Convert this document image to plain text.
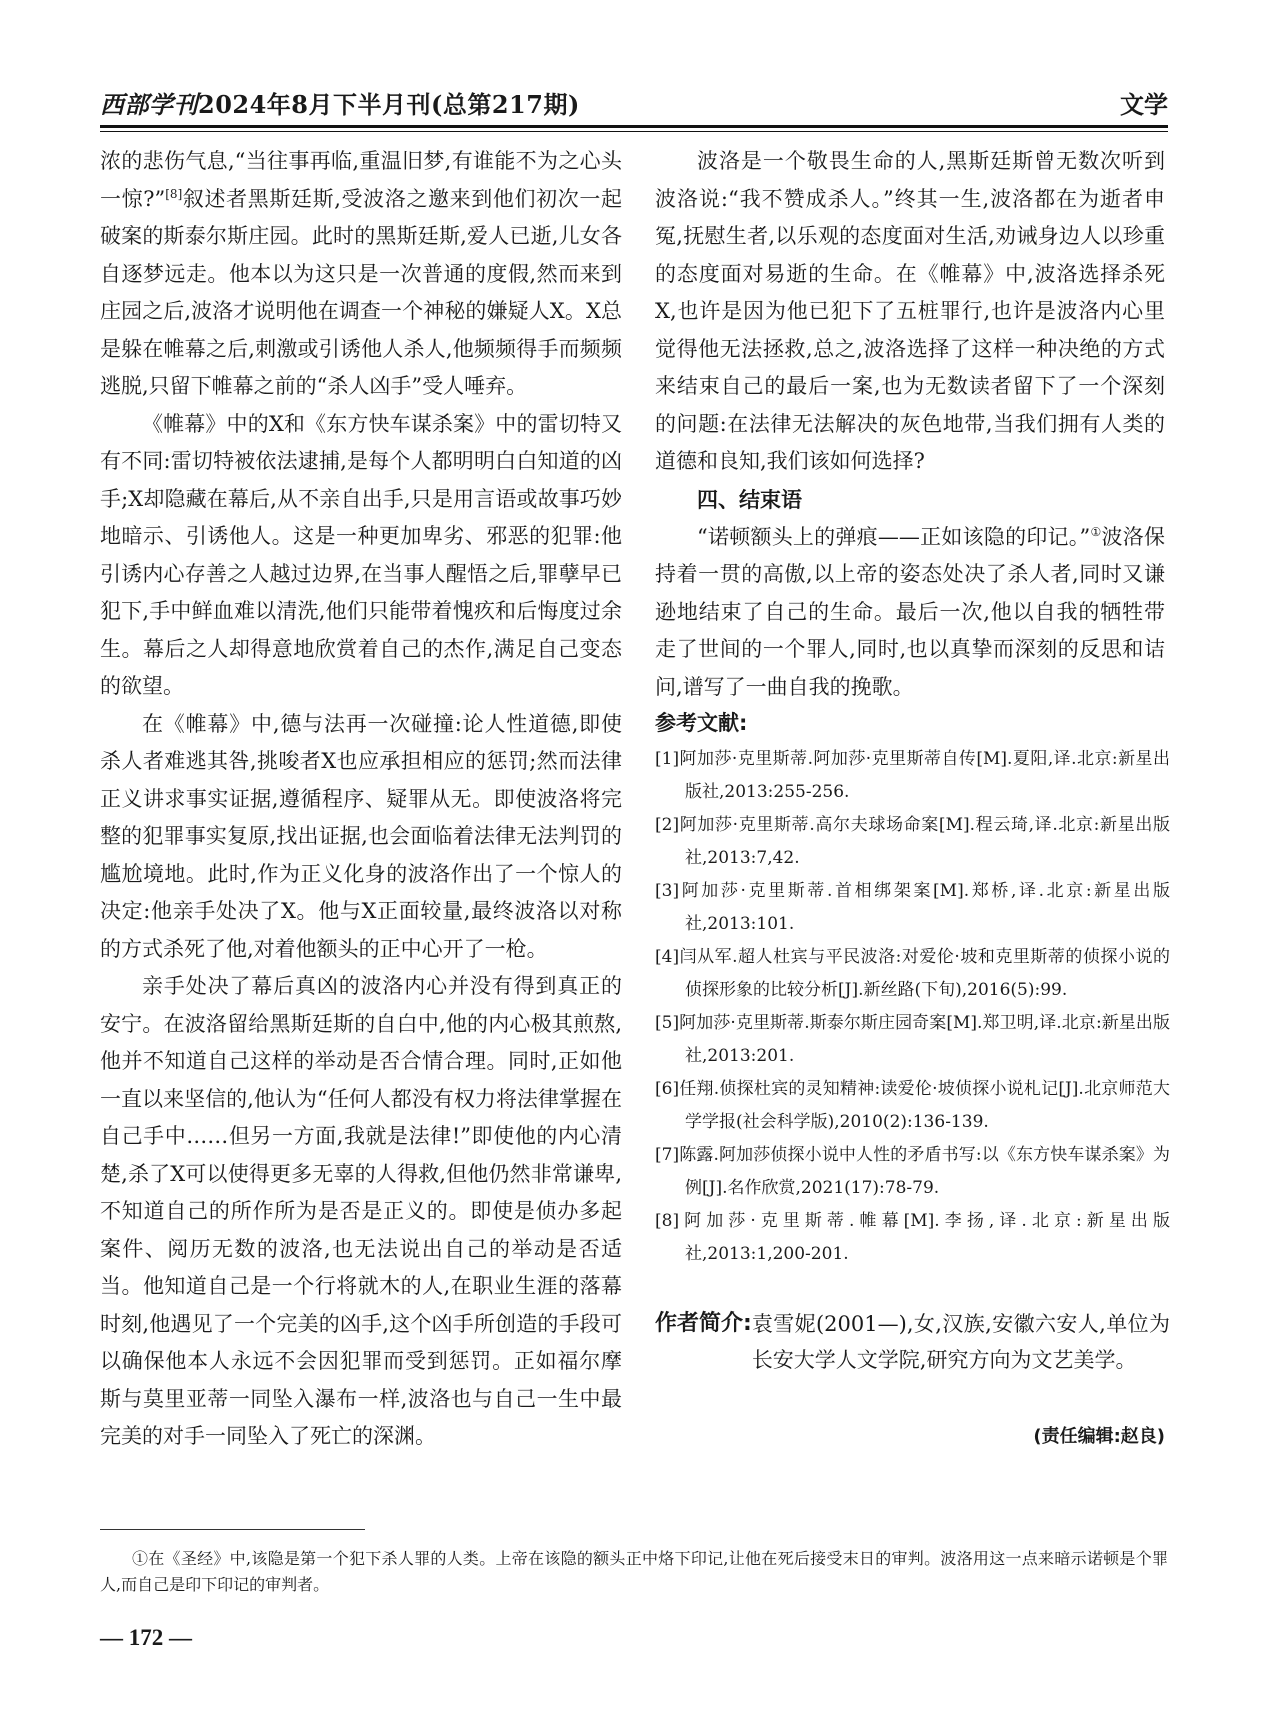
西部学刊2024年8月下半月刊(总第217期)	文学

浓的悲伤气息,“当往事再临,重温旧梦,有谁能不为之心头一惊?”[8]叙述者黑斯廷斯,受波洛之邀来到他们初次一起破案的斯泰尔斯庄园。此时的黑斯廷斯,爱人已逝,儿女各自逐梦远走。他本以为这只是一次普通的度假,然而来到庄园之后,波洛才说明他在调查一个神秘的嫌疑人X。X总是躲在帷幕之后,刺激或引诱他人杀人,他频频得手而频频逃脱,只留下帷幕之前的“杀人凶手”受人唾弃。

《帷幕》中的X和《东方快车谋杀案》中的雷切特又有不同:雷切特被依法逮捕,是每个人都明明白白知道的凶手;X却隐藏在幕后,从不亲自出手,只是用言语或故事巧妙地暗示、引诱他人。这是一种更加卑劣、邪恶的犯罪:他引诱内心存善之人越过边界,在当事人醒悟之后,罪孽早已犯下,手中鲜血难以清洗,他们只能带着愧疚和后悔度过余生。幕后之人却得意地欣赏着自己的杰作,满足自己变态的欲望。

在《帷幕》中,德与法再一次碰撞:论人性道德,即使杀人者难逃其咎,挑唆者X也应承担相应的惩罚;然而法律正义讲求事实证据,遵循程序、疑罪从无。即使波洛将完整的犯罪事实复原,找出证据,也会面临着法律无法判罚的尴尬境地。此时,作为正义化身的波洛作出了一个惊人的决定:他亲手处决了X。他与X正面较量,最终波洛以对称的方式杀死了他,对着他额头的正中心开了一枪。

亲手处决了幕后真凶的波洛内心并没有得到真正的安宁。在波洛留给黑斯廷斯的自白中,他的内心极其煎熬,他并不知道自己这样的举动是否合情合理。同时,正如他一直以来坚信的,他认为“任何人都没有权力将法律掌握在自己手中……但另一方面,我就是法律!”即使他的内心清楚,杀了X可以使得更多无辜的人得救,但他仍然非常谦卑,不知道自己的所作所为是否是正义的。即使是侦办多起案件、阅历无数的波洛,也无法说出自己的举动是否适当。他知道自己是一个行将就木的人,在职业生涯的落幕时刻,他遇见了一个完美的凶手,这个凶手所创造的手段可以确保他本人永远不会因犯罪而受到惩罚。正如福尔摩斯与莫里亚蒂一同坠入瀑布一样,波洛也与自己一生中最完美的对手一同坠入了死亡的深渊。

波洛是一个敬畏生命的人,黑斯廷斯曾无数次听到波洛说:“我不赞成杀人。”终其一生,波洛都在为逝者申冤,抚慰生者,以乐观的态度面对生活,劝诫身边人以珍重的态度面对易逝的生命。在《帷幕》中,波洛选择杀死X,也许是因为他已犯下了五桩罪行,也许是波洛内心里觉得他无法拯救,总之,波洛选择了这样一种决绝的方式来结束自己的最后一案,也为无数读者留下了一个深刻的问题:在法律无法解决的灰色地带,当我们拥有人类的道德和良知,我们该如何选择?

四、结束语

“诺顿额头上的弹痕——正如该隐的印记。”①波洛保持着一贯的高傲,以上帝的姿态处决了杀人者,同时又谦逊地结束了自己的生命。最后一次,他以自我的牺牲带走了世间的一个罪人,同时,也以真挚而深刻的反思和诘问,谱写了一曲自我的挽歌。

参考文献:

[1]阿加莎·克里斯蒂.阿加莎·克里斯蒂自传[M].夏阳,译.北京:新星出版社,2013:255-256.

[2]阿加莎·克里斯蒂.高尔夫球场命案[M].程云琦,译.北京:新星出版社,2013:7,42.

[3]阿加莎·克里斯蒂.首相绑架案[M].郑桥,译.北京:新星出版社,2013:101.

[4]闫从军.超人杜宾与平民波洛:对爱伦·坡和克里斯蒂的侦探小说的侦探形象的比较分析[J].新丝路(下旬),2016(5):99.

[5]阿加莎·克里斯蒂.斯泰尔斯庄园奇案[M].郑卫明,译.北京:新星出版社,2013:201.

[6]任翔.侦探杜宾的灵知精神:读爱伦·坡侦探小说札记[J].北京师范大学学报(社会科学版),2010(2):136-139.

[7]陈露.阿加莎侦探小说中人性的矛盾书写:以《东方快车谋杀案》为例[J].名作欣赏,2021(17):78-79.

[8]阿加莎·克里斯蒂.帷幕[M].李扬,译.北京:新星出版社,2013:1,200-201.

作者简介: 袁雪妮(2001—),女,汉族,安徽六安人,单位为长安大学人文学院,研究方向为文艺美学。
(责任编辑:赵良)

①在《圣经》中,该隐是第一个犯下杀人罪的人类。上帝在该隐的额头正中烙下印记,让他在死后接受末日的审判。波洛用这一点来暗示诺顿是个罪人,而自己是印下印记的审判者。

— 172 —
